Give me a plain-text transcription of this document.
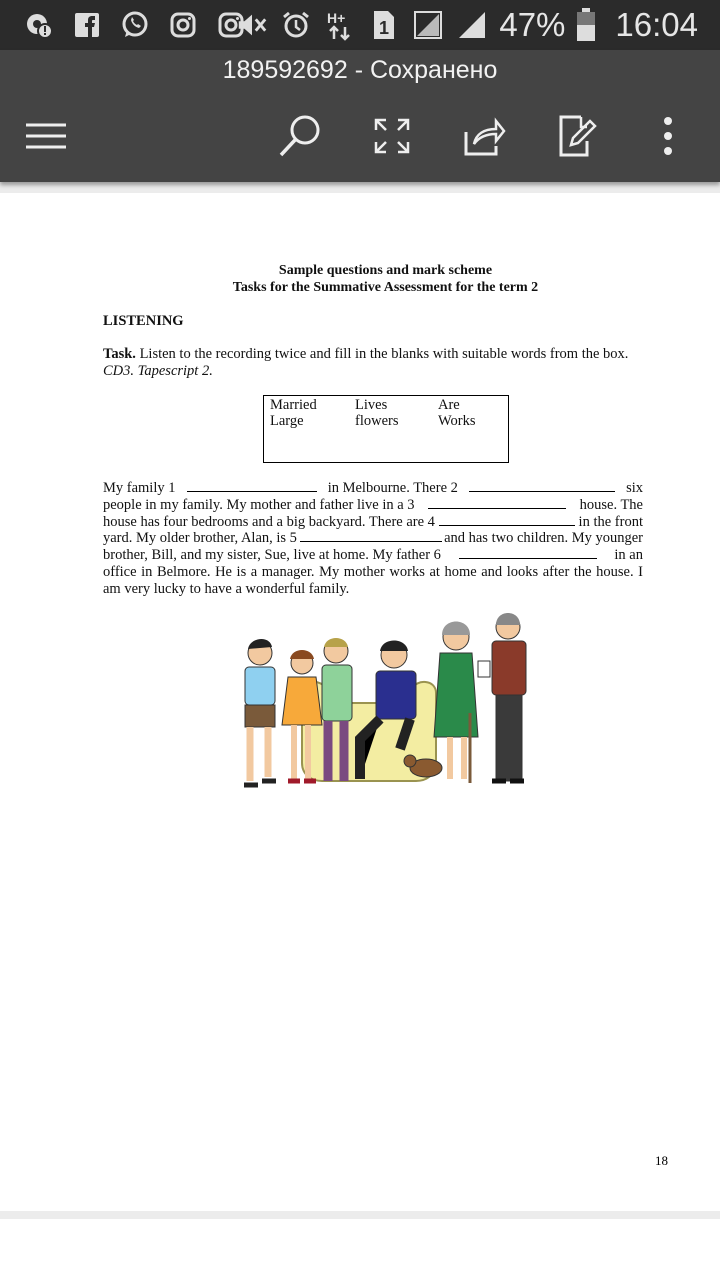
H+ 1	47% 16:04
189592692 - Сохранено
Sample questions and mark scheme
Tasks for the Summative Assessment for the term 2
LISTENING
Task. Listen to the recording twice and fill in the blanks with suitable words from the box.
CD3. Tapescript 2.
Married	Lives	Are
Large	flowers	Works
My family 1	in Melbourne. There 2	six
people in my family. My mother and father live in a 3	house. The
house has four bedrooms and a big backyard. There are 4	in the front
yard. My older brother, Alan, is 5	and has two children. My younger
brother, Bill, and my sister, Sue, live at home. My father 6	in an
office in Belmore. He is a manager. My mother works at home and looks after the house. I
am very lucky to have a wonderful family.
18
